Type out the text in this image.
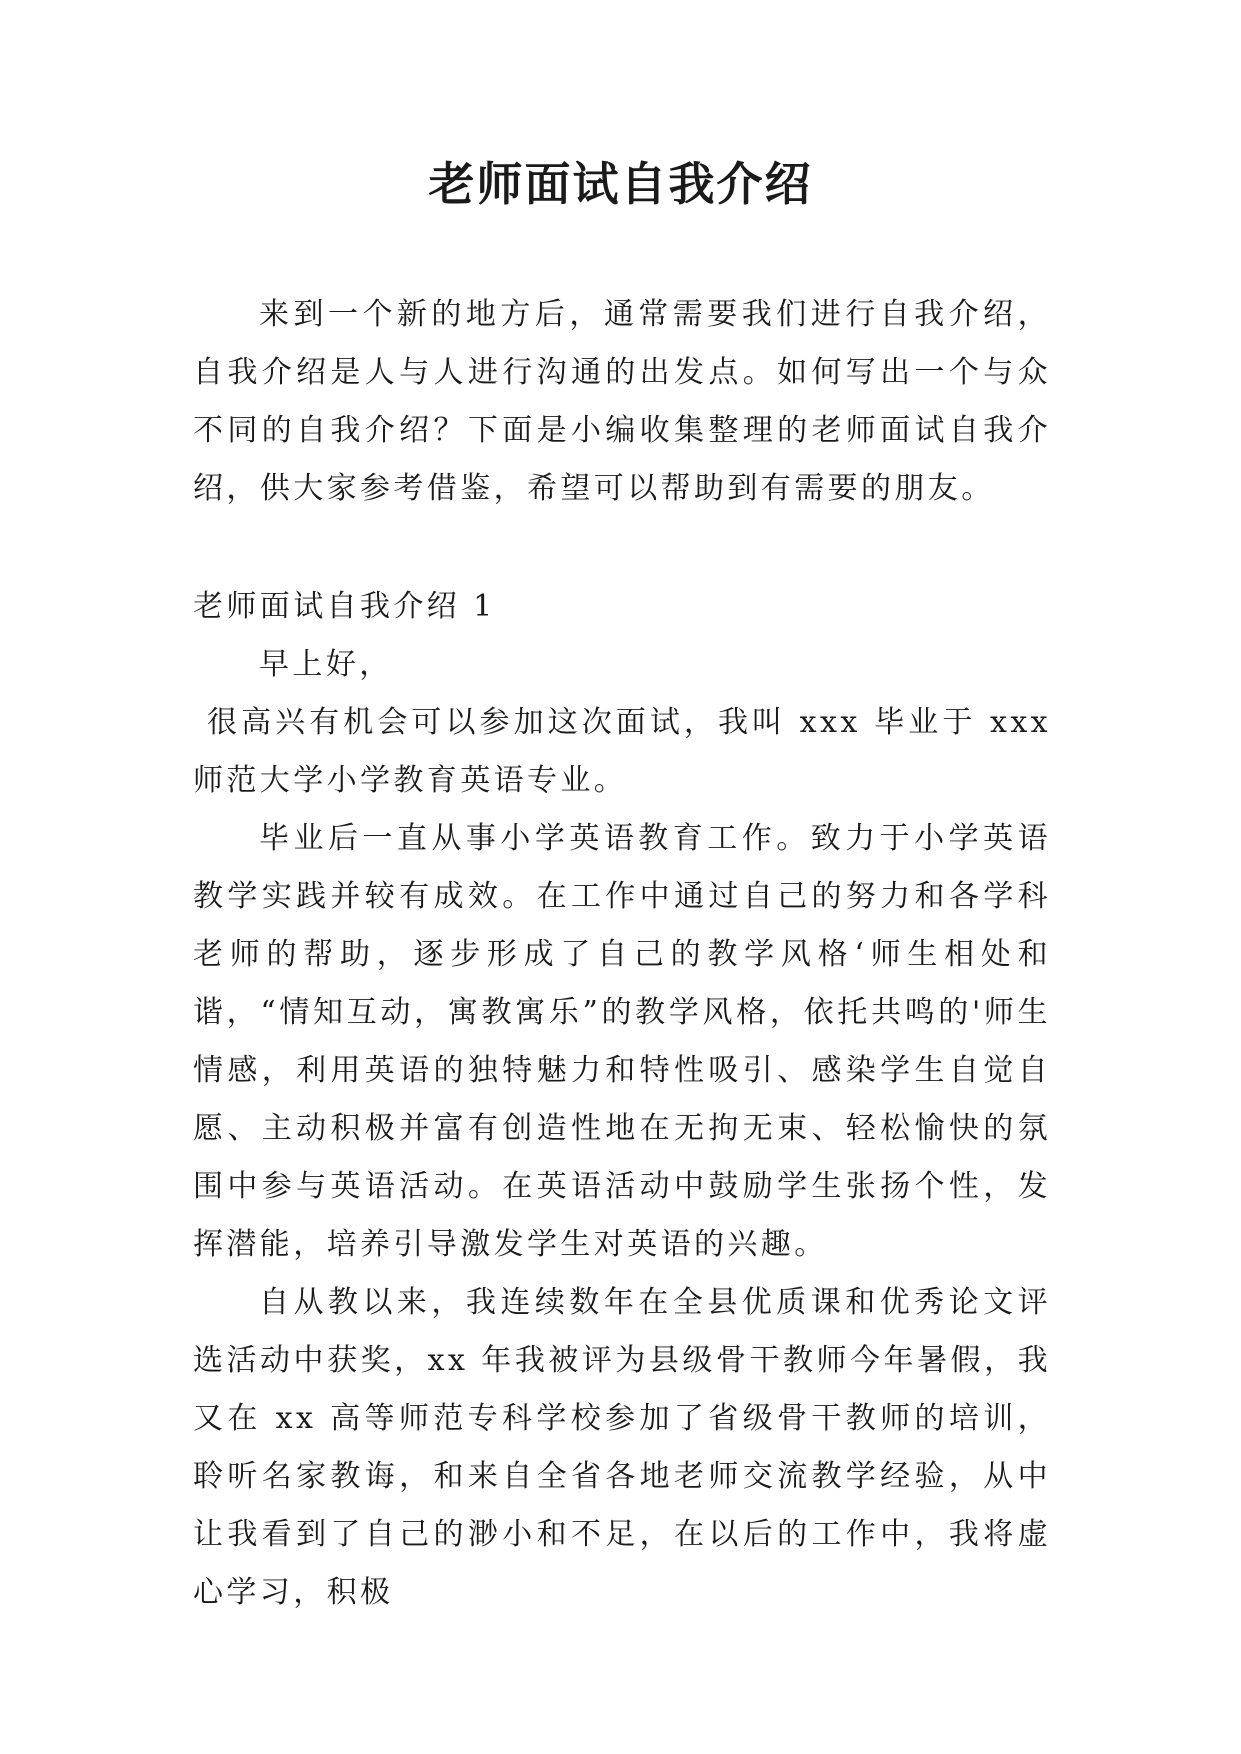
老师面试自我介绍

来到一个新的地方后，通常需要我们进行自我介绍，自我介绍是人与人进行沟通的出发点。如何写出一个与众不同的自我介绍？下面是小编收集整理的老师面试自我介绍，供大家参考借鉴，希望可以帮助到有需要的朋友。

老师面试自我介绍 1

早上好，

很高兴有机会可以参加这次面试，我叫 xxx 毕业于 xxx 师范大学小学教育英语专业。

毕业后一直从事小学英语教育工作。致力于小学英语教学实践并较有成效。在工作中通过自己的努力和各学科老师的帮助，逐步形成了自己的教学风格‘师生相处和谐，“情知互动，寓教寓乐”的教学风格，依托共鸣的'师生情感，利用英语的独特魅力和特性吸引、感染学生自觉自愿、主动积极并富有创造性地在无拘无束、轻松愉快的氛围中参与英语活动。在英语活动中鼓励学生张扬个性，发挥潜能，培养引导激发学生对英语的兴趣。

自从教以来，我连续数年在全县优质课和优秀论文评选活动中获奖，xx 年我被评为县级骨干教师今年暑假，我又在 xx 高等师范专科学校参加了省级骨干教师的培训，聆听名家教诲，和来自全省各地老师交流教学经验，从中让我看到了自己的渺小和不足，在以后的工作中，我将虚心学习，积极
